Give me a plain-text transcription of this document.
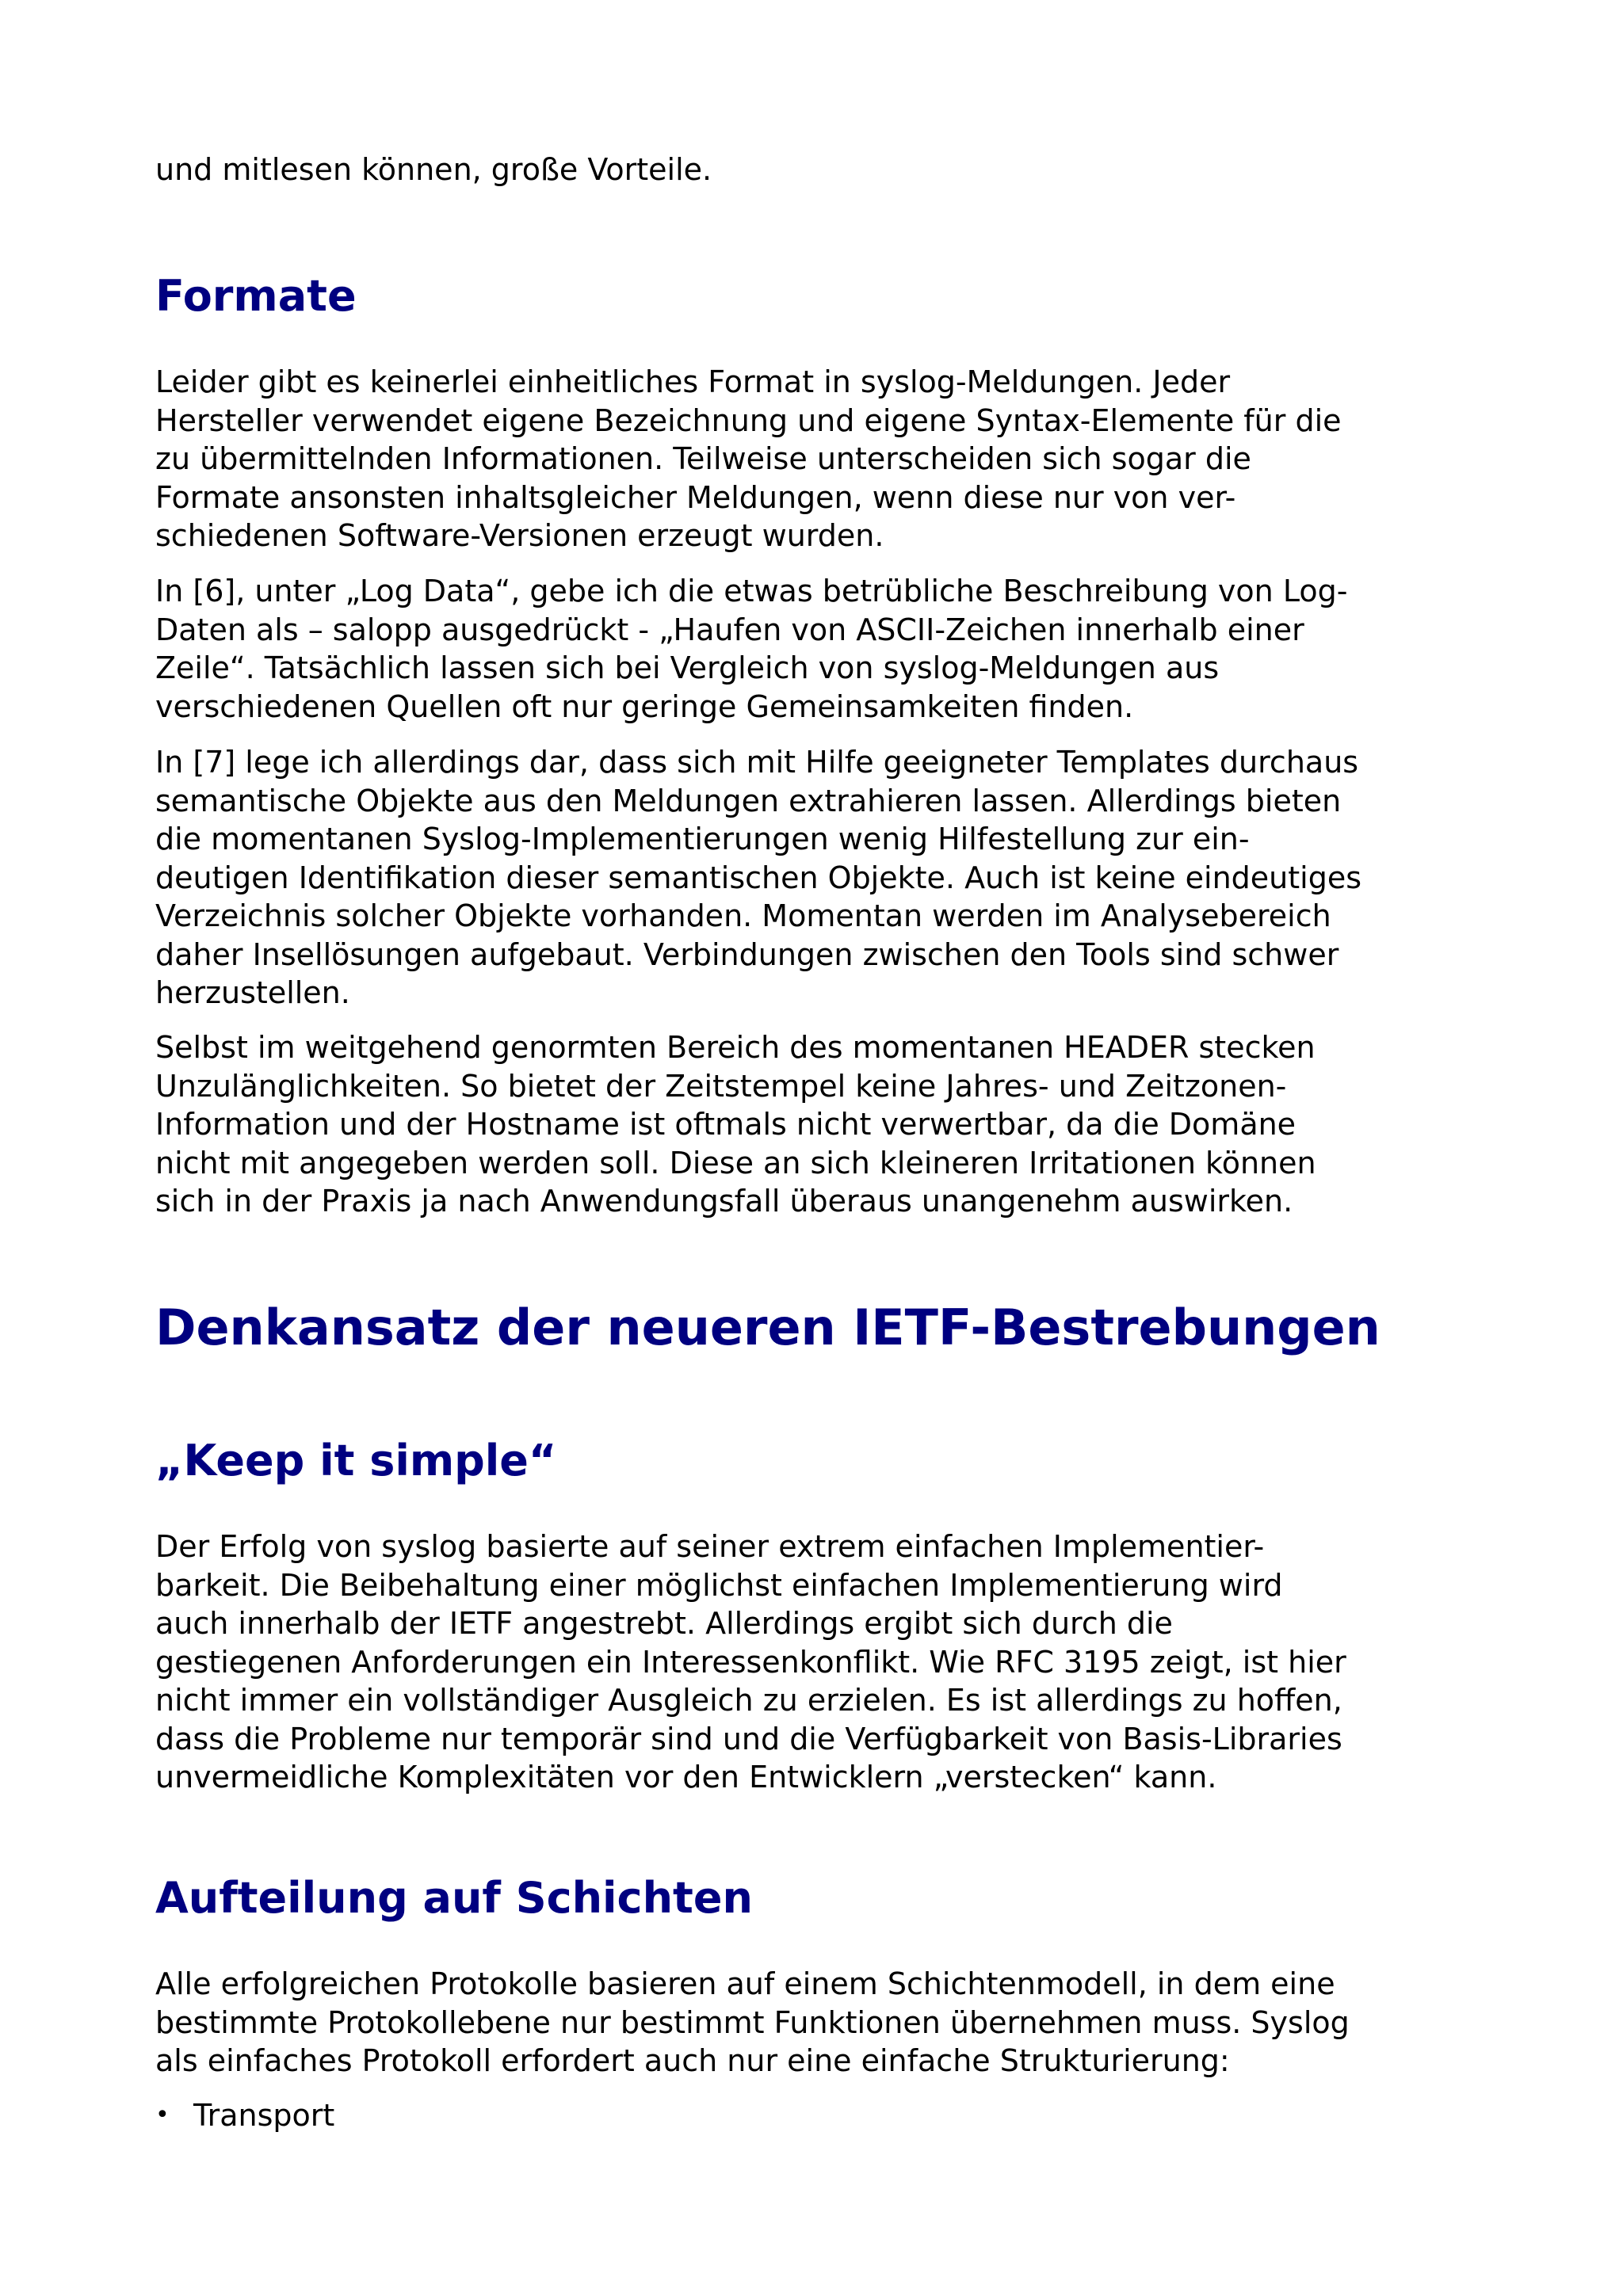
und mitlesen können, große Vorteile.

Formate

Leider gibt es keinerlei einheitliches Format in syslog-Meldungen. Jeder
Hersteller verwendet eigene Bezeichnung und eigene Syntax-Elemente für die
zu übermittelnden Informationen. Teilweise unterscheiden sich sogar die
Formate ansonsten inhaltsgleicher Meldungen, wenn diese nur von ver-
schiedenen Software-Versionen erzeugt wurden.

In [6], unter „Log Data“, gebe ich die etwas betrübliche Beschreibung von Log-
Daten als – salopp ausgedrückt - „Haufen von ASCII-Zeichen innerhalb einer
Zeile“. Tatsächlich lassen sich bei Vergleich von syslog-Meldungen aus
verschiedenen Quellen oft nur geringe Gemeinsamkeiten finden.

In [7] lege ich allerdings dar, dass sich mit Hilfe geeigneter Templates durchaus
semantische Objekte aus den Meldungen extrahieren lassen. Allerdings bieten
die momentanen Syslog-Implementierungen wenig Hilfestellung zur ein-
deutigen Identifikation dieser semantischen Objekte. Auch ist keine eindeutiges
Verzeichnis solcher Objekte vorhanden. Momentan werden im Analysebereich
daher Insellösungen aufgebaut. Verbindungen zwischen den Tools sind schwer
herzustellen.

Selbst im weitgehend genormten Bereich des momentanen HEADER stecken
Unzulänglichkeiten. So bietet der Zeitstempel keine Jahres- und Zeitzonen-
Information und der Hostname ist oftmals nicht verwertbar, da die Domäne
nicht mit angegeben werden soll. Diese an sich kleineren Irritationen können
sich in der Praxis ja nach Anwendungsfall überaus unangenehm auswirken.

Denkansatz der neueren IETF-Bestrebungen
„Keep it simple“

Der Erfolg von syslog basierte auf seiner extrem einfachen Implementier-
barkeit. Die Beibehaltung einer möglichst einfachen Implementierung wird
auch innerhalb der IETF angestrebt. Allerdings ergibt sich durch die
gestiegenen Anforderungen ein Interessenkonflikt. Wie RFC 3195 zeigt, ist hier
nicht immer ein vollständiger Ausgleich zu erzielen. Es ist allerdings zu hoffen,
dass die Probleme nur temporär sind und die Verfügbarkeit von Basis-Libraries
unvermeidliche Komplexitäten vor den Entwicklern „verstecken“ kann.

Aufteilung auf Schichten

Alle erfolgreichen Protokolle basieren auf einem Schichtenmodell, in dem eine
bestimmte Protokollebene nur bestimmt Funktionen übernehmen muss. Syslog
als einfaches Protokoll erfordert auch nur eine einfache Strukturierung:

• Transport
